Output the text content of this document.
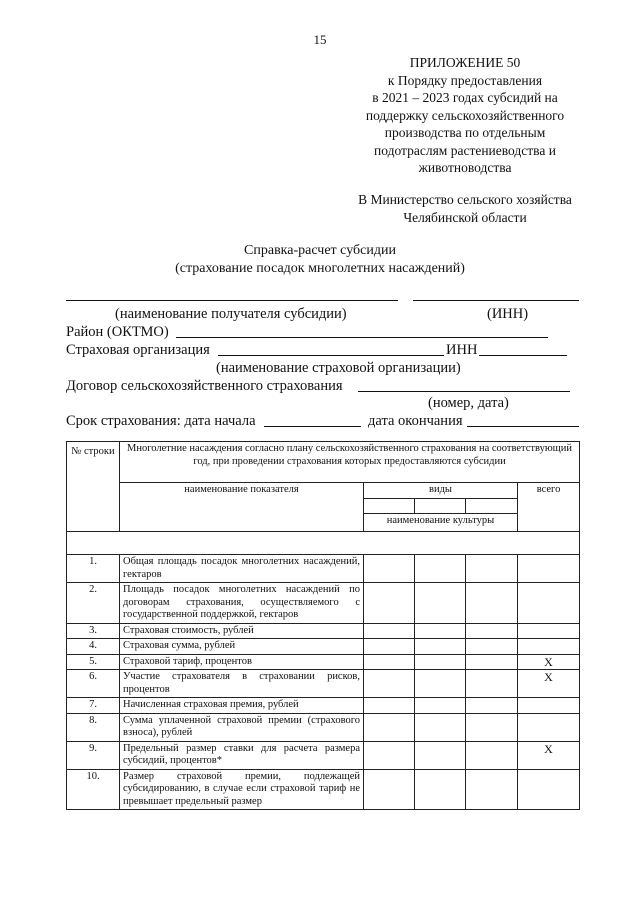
15
ПРИЛОЖЕНИЕ 50
к Порядку предоставления
в 2021 – 2023 годах субсидий на
поддержку сельскохозяйственного
производства по отдельным
подотраслям растениеводства и
животноводства
В Министерство сельского хозяйства
Челябинской области
Справка-расчет субсидии
(страхование посадок многолетних насаждений)
(наименование получателя субсидии)	(ИНН)
Район (ОКТМО)
Страховая организация	ИНН
(наименование страховой организации)
Договор сельскохозяйственного страхования
(номер, дата)
Срок страхования: дата начала	дата окончания
№ строки	Многолетние насаждения согласно плану сельскохозяйственного страхования на соответствующий год, при проведении страхования которых предоставляются субсидии				
	наименование показателя	виды			всего

		наименование культуры			

1.	Общая площадь посадок многолетних насаждений, гектаров				
2.	Площадь посадок многолетних насаждений по договорам страхования, осуществляемого с государственной поддержкой, гектаров				
3.	Страховая стоимость, рублей				
4.	Страховая сумма, рублей				
5.	Страховой тариф, процентов				X
6.	Участие страхователя в страховании рисков, процентов				X
7.	Начисленная страховая премия, рублей				
8.	Сумма уплаченной страховой премии (страхового взноса), рублей				
9.	Предельный размер ставки для расчета размера субсидий, процентов*				X
10.	Размер страховой премии, подлежащей субсидированию, в случае если страховой тариф не превышает предельный размер				
